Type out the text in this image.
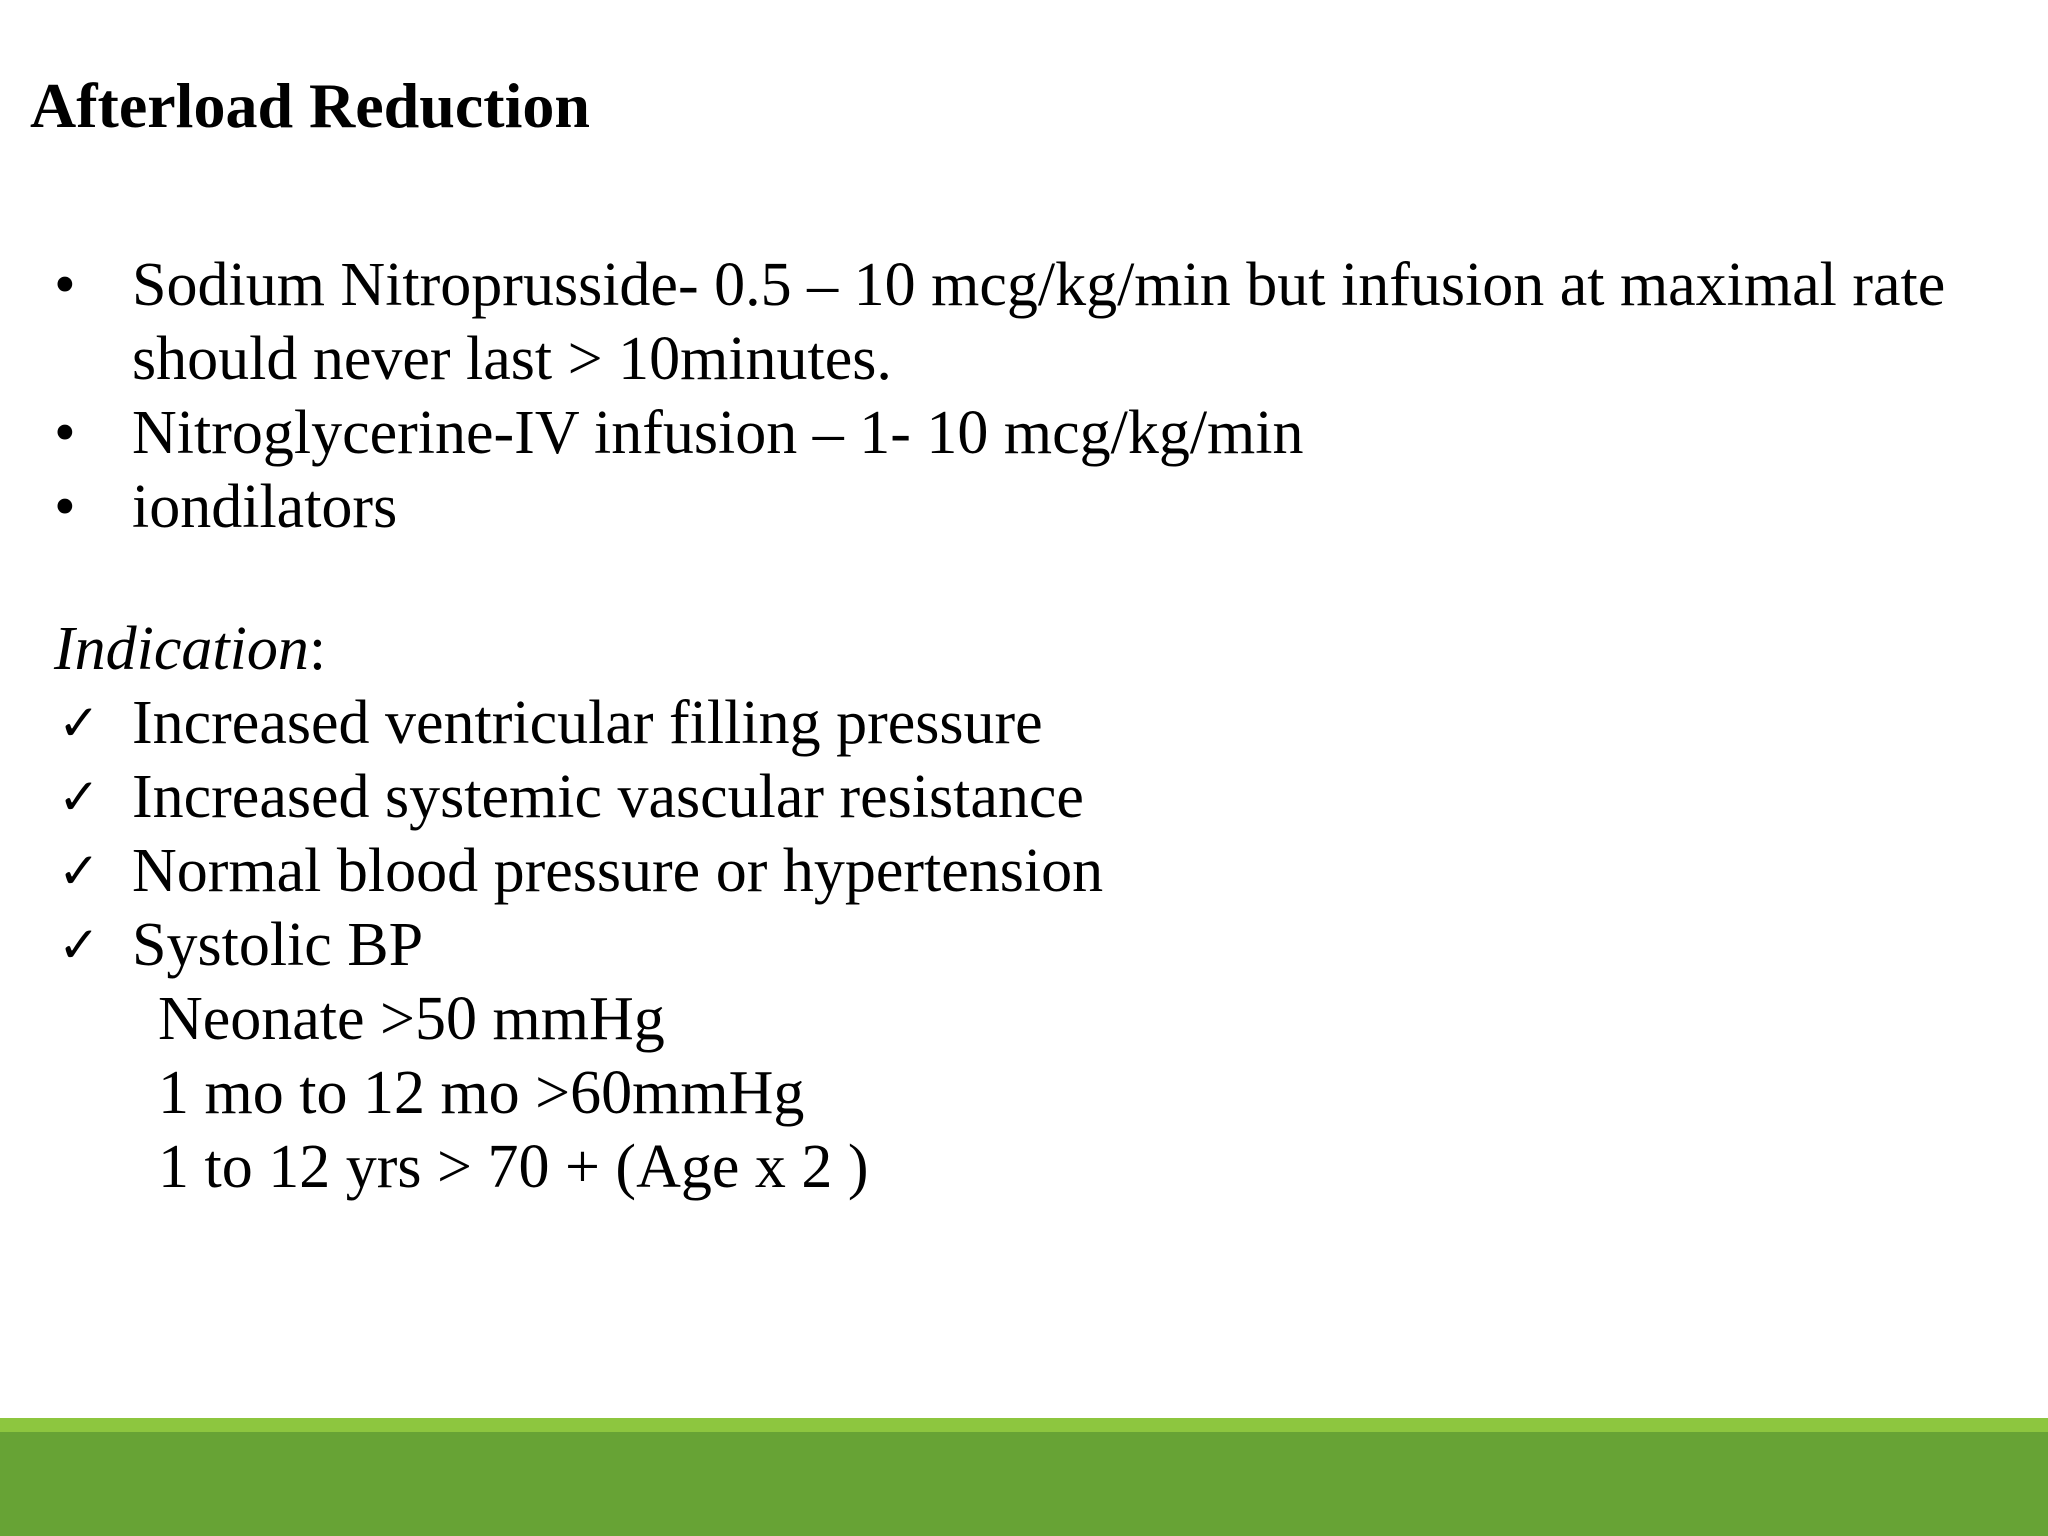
Afterload Reduction
• Sodium Nitroprusside- 0.5 – 10 mcg/kg/min but infusion at maximal rate should never last > 10minutes.
• Nitroglycerine-IV infusion – 1- 10 mcg/kg/min
• iondilators
Indication:
✓ Increased ventricular filling pressure
✓ Increased systemic vascular resistance
✓ Normal blood pressure or hypertension
✓ Systolic BP
Neonate >50 mmHg
1 mo to 12 mo >60mmHg
1 to 12 yrs > 70 + (Age x 2 )
